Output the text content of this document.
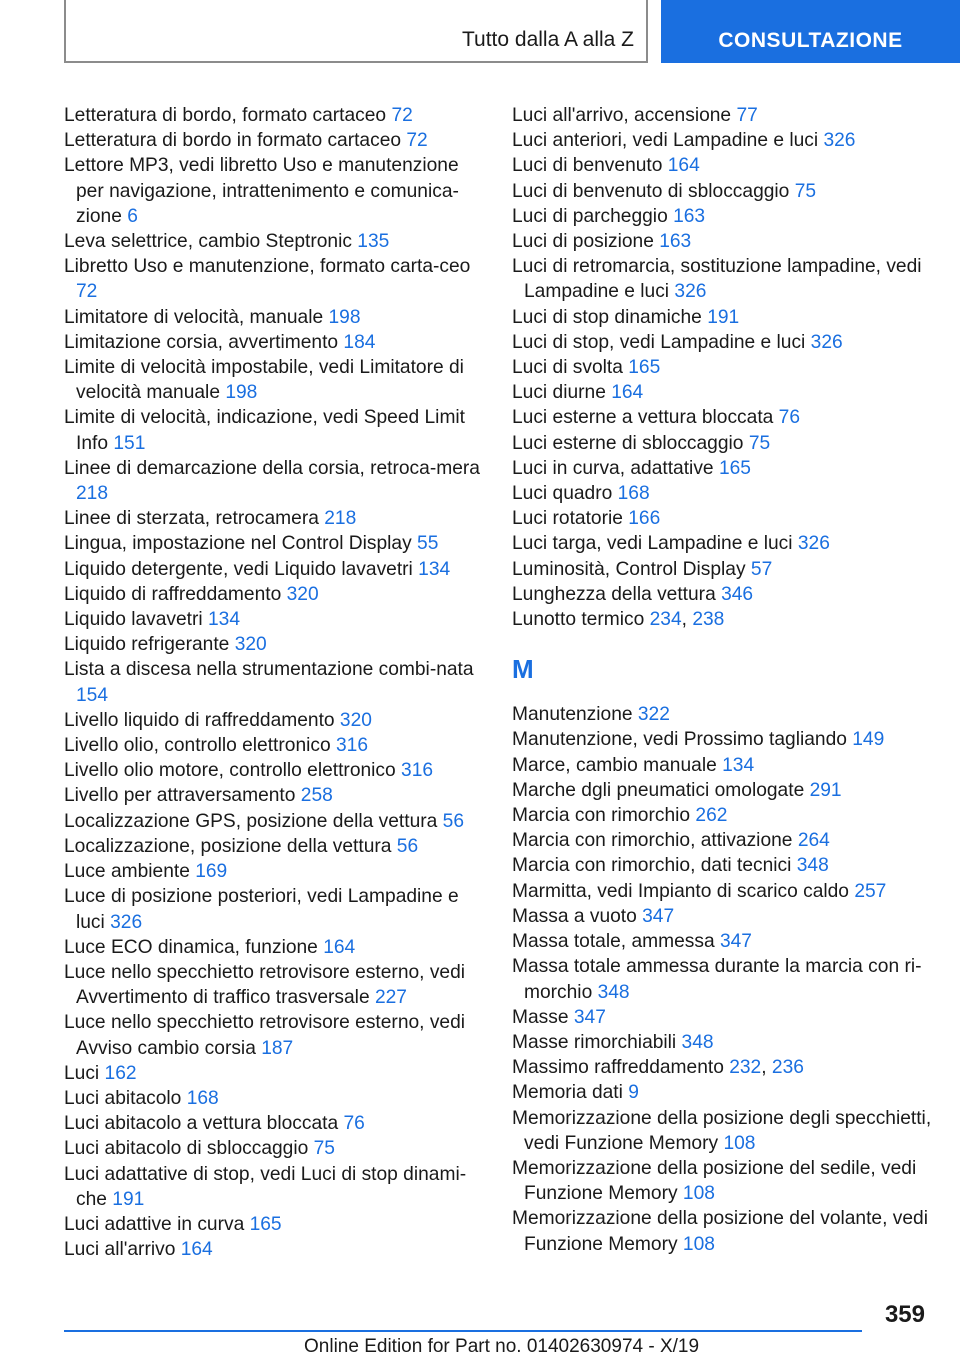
Tutto dalla A alla Z	CONSULTAZIONE
Letteratura di bordo, formato cartaceo 72
Letteratura di bordo in formato cartaceo 72
Lettore MP3, vedi libretto Uso e manutenzione per navigazione, intrattenimento e comunica-zione 6
Leva selettrice, cambio Steptronic 135
Libretto Uso e manutenzione, formato carta-ceo 72
Limitatore di velocità, manuale 198
Limitazione corsia, avvertimento 184
Limite di velocità impostabile, vedi Limitatore di velocità manuale 198
Limite di velocità, indicazione, vedi Speed Limit Info 151
Linee di demarcazione della corsia, retroca-mera 218
Linee di sterzata, retrocamera 218
Lingua, impostazione nel Control Display 55
Liquido detergente, vedi Liquido lavavetri 134
Liquido di raffreddamento 320
Liquido lavavetri 134
Liquido refrigerante 320
Lista a discesa nella strumentazione combi-nata 154
Livello liquido di raffreddamento 320
Livello olio, controllo elettronico 316
Livello olio motore, controllo elettronico 316
Livello per attraversamento 258
Localizzazione GPS, posizione della vettura 56
Localizzazione, posizione della vettura 56
Luce ambiente 169
Luce di posizione posteriori, vedi Lampadine e luci 326
Luce ECO dinamica, funzione 164
Luce nello specchietto retrovisore esterno, vedi Avvertimento di traffico trasversale 227
Luce nello specchietto retrovisore esterno, vedi Avviso cambio corsia 187
Luci 162
Luci abitacolo 168
Luci abitacolo a vettura bloccata 76
Luci abitacolo di sbloccaggio 75
Luci adattative di stop, vedi Luci di stop dinami-che 191
Luci adattive in curva 165
Luci all'arrivo 164
Luci all'arrivo, accensione 77
Luci anteriori, vedi Lampadine e luci 326
Luci di benvenuto 164
Luci di benvenuto di sbloccaggio 75
Luci di parcheggio 163
Luci di posizione 163
Luci di retromarcia, sostituzione lampadine, vedi Lampadine e luci 326
Luci di stop dinamiche 191
Luci di stop, vedi Lampadine e luci 326
Luci di svolta 165
Luci diurne 164
Luci esterne a vettura bloccata 76
Luci esterne di sbloccaggio 75
Luci in curva, adattative 165
Luci quadro 168
Luci rotatorie 166
Luci targa, vedi Lampadine e luci 326
Luminosità, Control Display 57
Lunghezza della vettura 346
Lunotto termico 234, 238
M
Manutenzione 322
Manutenzione, vedi Prossimo tagliando 149
Marce, cambio manuale 134
Marche dgli pneumatici omologate 291
Marcia con rimorchio 262
Marcia con rimorchio, attivazione 264
Marcia con rimorchio, dati tecnici 348
Marmitta, vedi Impianto di scarico caldo 257
Massa a vuoto 347
Massa totale, ammessa 347
Massa totale ammessa durante la marcia con ri-morchio 348
Masse 347
Masse rimorchiabili 348
Massimo raffreddamento 232, 236
Memoria dati 9
Memorizzazione della posizione degli specchietti, vedi Funzione Memory 108
Memorizzazione della posizione del sedile, vedi Funzione Memory 108
Memorizzazione della posizione del volante, vedi Funzione Memory 108
359
Online Edition for Part no. 01402630974 - X/19
